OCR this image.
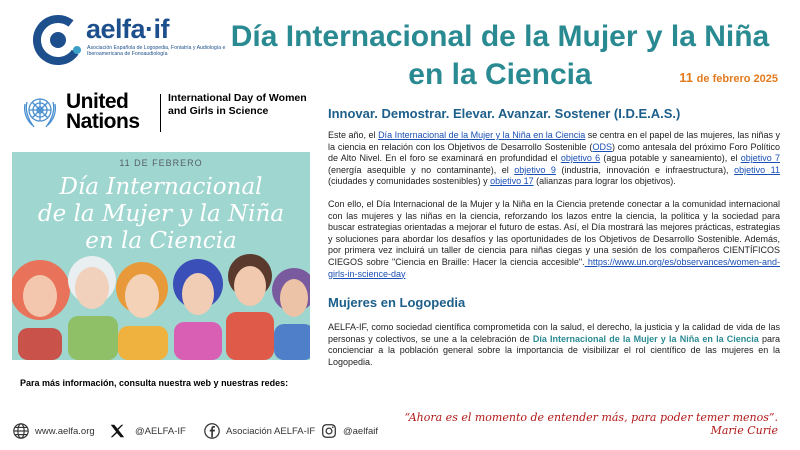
aelfa·if
Asociación Española de Logopedia, Foniatría y Audiología e Iberoamericana de Fonoaudiología
Día Internacional de la Mujer y la Niña
en la Ciencia	11 de febrero 2025
United
Nations
International Day of Women and Girls in Science
11 DE FEBRERO
Día Internacional
de la Mujer y la Niña
en la Ciencia
Para más información, consulta nuestra web y nuestras redes:
www.aelfa.org	@AELFA-IF	Asociación AELFA-IF	@aelfaif
“Ahora es el momento de entender más, para poder temer menos”.
Marie Curie
Innovar. Demostrar. Elevar. Avanzar. Sostener (I.D.E.A.S.)

Este año, el Día Internacional de la Mujer y la Niña en la Ciencia se centra en el papel de las mujeres, las niñas y la ciencia en relación con los Objetivos de Desarrollo Sostenible (ODS) como antesala del próximo Foro Político de Alto Nivel. En el foro se examinará en profundidad el objetivo 6 (agua potable y saneamiento), el objetivo 7 (energía asequible y no contaminante), el objetivo 9 (industria, innovación e infraestructura), objetivo 11 (ciudades y comunidades sostenibles) y objetivo 17 (alianzas para lograr los objetivos).

Con ello, el Día Internacional de la Mujer y la Niña en la Ciencia pretende conectar a la comunidad internacional con las mujeres y las niñas en la ciencia, reforzando los lazos entre la ciencia, la política y la sociedad para buscar estrategias orientadas a mejorar el futuro de estas. Así, el Día mostrará las mejores prácticas, estrategias y soluciones para abordar los desafíos y las oportunidades de los Objetivos de Desarrollo Sostenible. Además, por primera vez incluirá un taller de ciencia para niñas ciegas y una sesión de los compañeros CIENTÍFICOS CIEGOS sobre "Ciencia en Braille: Hacer la ciencia accesible". https://www.un.org/es/observances/women-and-girls-in-science-day

Mujeres en Logopedia

AELFA-IF, como sociedad científica comprometida con la salud, el derecho, la justicia y la calidad de vida de las personas y colectivos, se une a la celebración de Día Internacional de la Mujer y la Niña en la Ciencia para concienciar a la población general sobre la importancia de visibilizar el rol científico de las mujeres en la Logopedia.
